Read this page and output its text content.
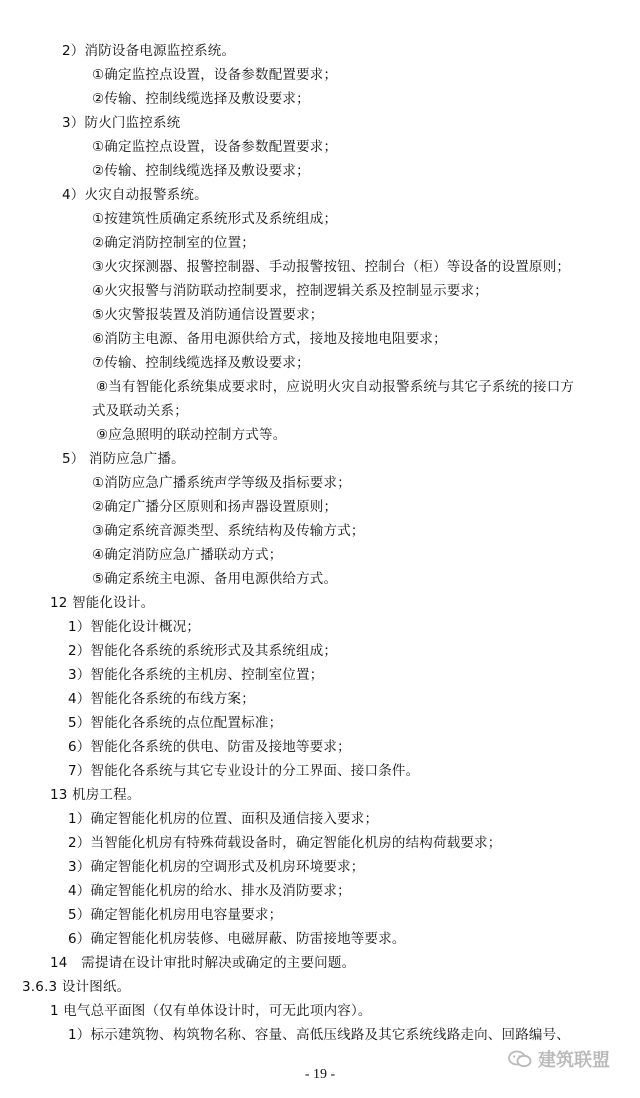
2）消防设备电源监控系统。
①确定监控点设置，设备参数配置要求；
②传输、控制线缆选择及敷设要求；
3）防火门监控系统
①确定监控点设置，设备参数配置要求；
②传输、控制线缆选择及敷设要求；
4）火灾自动报警系统。
①按建筑性质确定系统形式及系统组成；
②确定消防控制室的位置；
③火灾探测器、报警控制器、手动报警按钮、控制台（柜）等设备的设置原则；
④火灾报警与消防联动控制要求，控制逻辑关系及控制显示要求；
⑤火灾警报装置及消防通信设置要求；
⑥消防主电源、备用电源供给方式，接地及接地电阻要求；
⑦传输、控制线缆选择及敷设要求；
⑧当有智能化系统集成要求时，应说明火灾自动报警系统与其它子系统的接口方
式及联动关系；
⑨应急照明的联动控制方式等。
5） 消防应急广播。
①消防应急广播系统声学等级及指标要求；
②确定广播分区原则和扬声器设置原则；
③确定系统音源类型、系统结构及传输方式；
④确定消防应急广播联动方式；
⑤确定系统主电源、备用电源供给方式。
12 智能化设计。
1）智能化设计概况；
2）智能化各系统的系统形式及其系统组成；
3）智能化各系统的主机房、控制室位置；
4）智能化各系统的布线方案；
5）智能化各系统的点位配置标准；
6）智能化各系统的供电、防雷及接地等要求；
7）智能化各系统与其它专业设计的分工界面、接口条件。
13 机房工程。
1）确定智能化机房的位置、面积及通信接入要求；
2）当智能化机房有特殊荷载设备时，确定智能化机房的结构荷载要求；
3）确定智能化机房的空调形式及机房环境要求；
4）确定智能化机房的给水、排水及消防要求；
5）确定智能化机房用电容量要求；
6）确定智能化机房装修、电磁屏蔽、防雷接地等要求。
14　需提请在设计审批时解决或确定的主要问题。
3.6.3 设计图纸。
1 电气总平面图（仅有单体设计时，可无此项内容）。
1）标示建筑物、构筑物名称、容量、高低压线路及其它系统线路走向、回路编号、
建筑联盟
- 19 -
